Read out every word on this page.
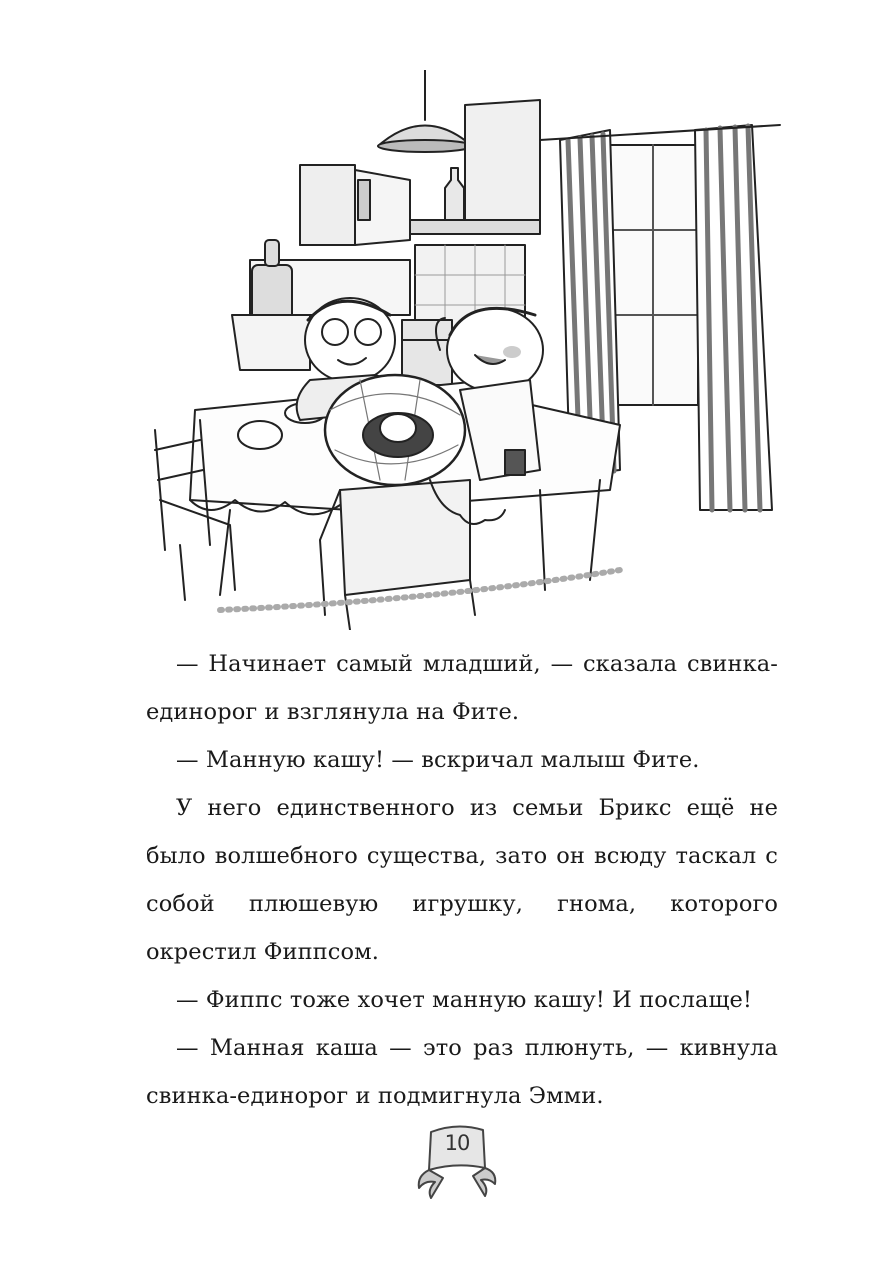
— Начинает самый младший, — сказала свинка-единорог и взглянула на Фите.

— Манную кашу! — вскричал малыш Фите.

У него единственного из семьи Брикс ещё не было волшебного существа, зато он всюду таскал с собой плюшевую игрушку, гнома, которого окрестил Фиппсом.

— Фиппс тоже хочет манную кашу! И послаще!

— Манная каша — это раз плюнуть, — кивнула свинка-единорог и подмигнула Эмми.

10
